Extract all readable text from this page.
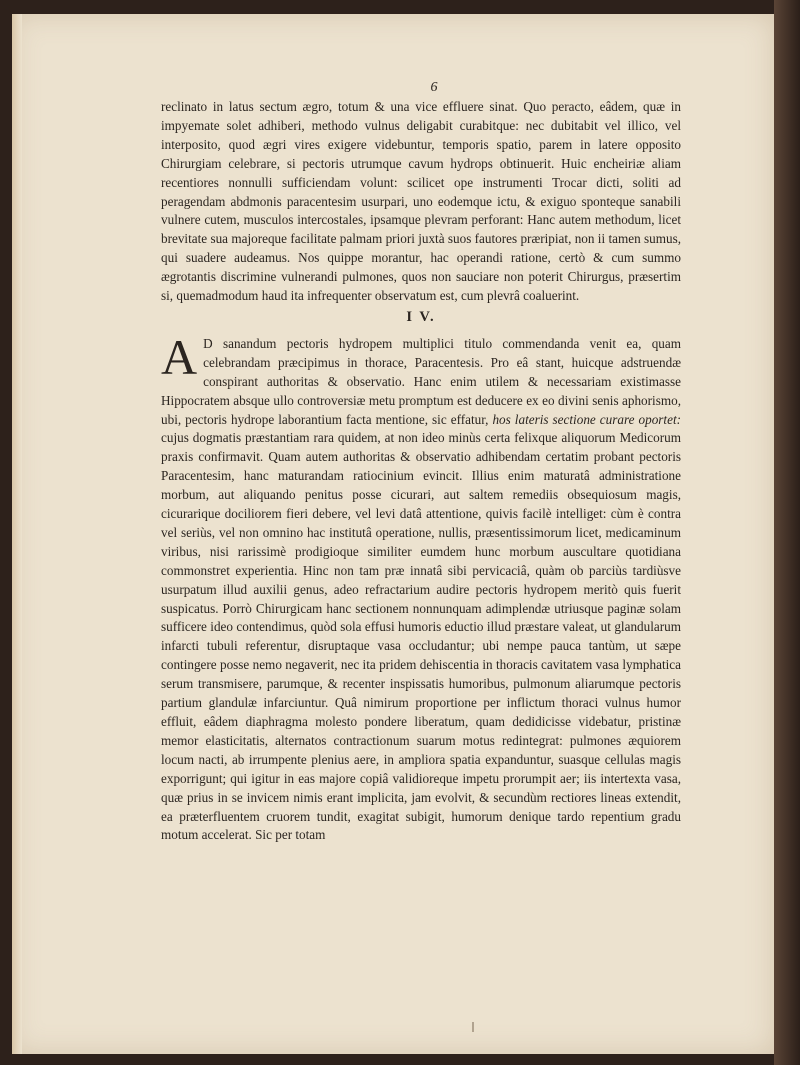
6

reclinato in latus sectum ægro, totum & una vice effluere sinat. Quo peracto, eâdem, quæ in impyemate solet adhiberi, methodo vulnus deligabit curabitque: nec dubitabit vel illico, vel interposito, quod ægri vires exigere videbuntur, temporis spatio, parem in latere opposito Chirurgiam celebrare, si pectoris utrumque cavum hydrops obtinuerit. Huic encheiriæ aliam recentiores nonnulli sufficiendam volunt: scilicet ope instrumenti Trocar dicti, soliti ad peragendam abdmonis paracentesim usurpari, uno eodemque ictu, & exiguo sponteque sanabili vulnere cutem, musculos intercostales, ipsamque plevram perforant: Hanc autem methodum, licet brevitate sua majoreque facilitate palmam priori juxtà suos fautores præripiat, non ii tamen sumus, qui suadere audeamus. Nos quippe morantur, hac operandi ratione, certò & cum summo ægrotantis discrimine vulnerandi pulmones, quos non sauciare non poterit Chirurgus, præsertim si, quemadmodum haud ita infrequenter observatum est, cum plevrâ coaluerint.

I V.

A D sanandum pectoris hydropem multiplici titulo commendanda venit ea, quam celebrandam præcipimus in thorace, Paracentesis. Pro eâ stant, huicque adstruendæ conspirant authoritas & observatio. Hanc enim utilem & necessariam existimasse Hippocratem absque ullo controversiæ metu promptum est deducere ex eo divini senis aphorismo, ubi, pectoris hydrope laborantium facta mentione, sic effatur, hos lateris sectione curare oportet: cujus dogmatis præstantiam rara quidem, at non ideo minùs certa felixque aliquorum Medicorum praxis confirmavit. Quam autem authoritas & observatio adhibendam certatim probant pectoris Paracentesim, hanc maturandam ratiocinium evincit. Illius enim maturatâ administratione morbum, aut aliquando penitus posse cicurari, aut saltem remediis obsequiosum magis, cicurarique dociliorem fieri debere, vel levi datâ attentione, quivis facilè intelliget: cùm è contra vel seriùs, vel non omnino hac institutâ operatione, nullis, præsentissimorum licet, medicaminum viribus, nisi rarissimè prodigioque similiter eumdem hunc morbum auscultare quotidiana commonstret experientia. Hinc non tam præ innatâ sibi pervicaciâ, quàm ob parciùs tardiùsve usurpatum illud auxilii genus, adeo refractarium audire pectoris hydropem meritò quis fuerit suspicatus. Porrò Chirurgicam hanc sectionem nonnunquam adimplendæ utriusque paginæ solam sufficere ideo contendimus, quòd sola effusi humoris eductio illud præstare valeat, ut glandularum infarcti tubuli referentur, disruptaque vasa occludantur; ubi nempe pauca tantùm, ut sæpe contingere posse nemo negaverit, nec ita pridem dehiscentia in thoracis cavitatem vasa lymphatica serum transmisere, parumque, & recenter inspissatis humoribus, pulmonum aliarumque pectoris partium glandulæ infarciuntur. Quâ nimirum proportione per inflictum thoraci vulnus humor effluit, eâdem diaphragma molesto pondere liberatum, quam dedidicisse videbatur, pristinæ memor elasticitatis, alternatos contractionum suarum motus redintegrat: pulmones æquiorem locum nacti, ab irrumpente plenius aere, in ampliora spatia expanduntur, suasque cellulas magis exporrigunt; qui igitur in eas majore copiâ validioreque impetu prorumpit aer; iis intertexta vasa, quæ prius in se invicem nimis erant implicita, jam evolvit, & secundùm rectiores lineas extendit, ea præterfluentem cruorem tundit, exagitat subigit, humorum denique tardo repentium gradu motum accelerat. Sic per totam
